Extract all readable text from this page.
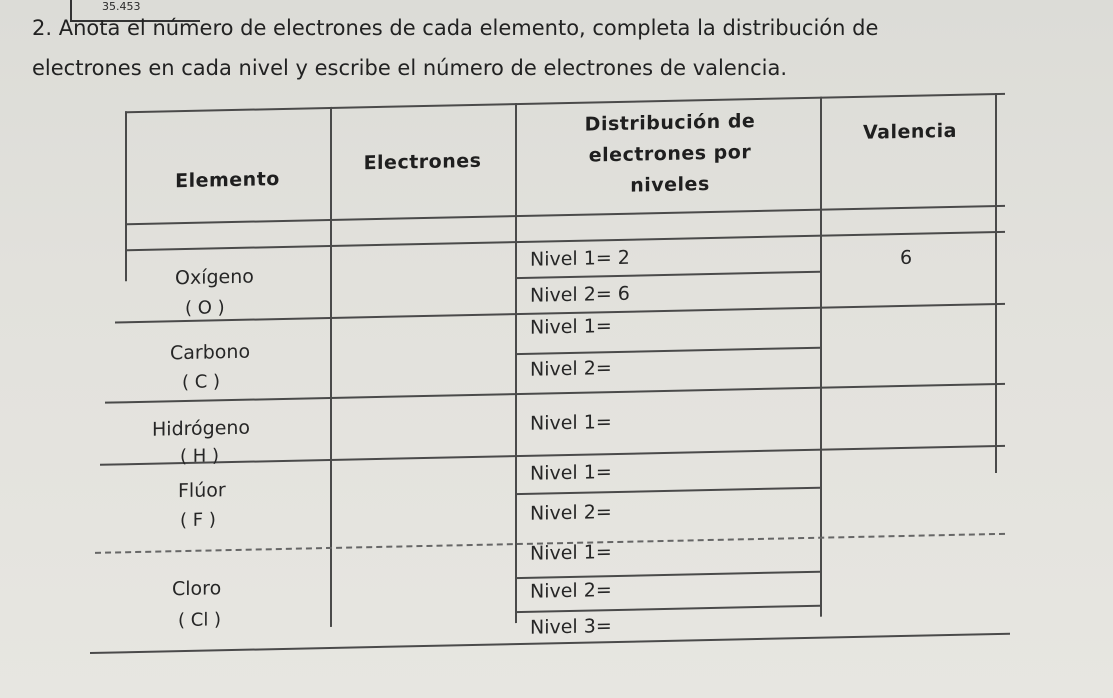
35.453
2. Anota el número de electrones de cada elemento, completa la distribución de
electrones en cada nivel y escribe el número de electrones de valencia.
Elemento
Electrones
Distribución de electrones por niveles
Valencia
Oxígeno
( O )
Nivel 1= 2
Nivel 2= 6
6
Carbono
( C )
Nivel 1=
Nivel 2=
Hidrógeno
( H )
Nivel 1=
Flúor
( F )
Nivel 1=
Nivel 2=
Cloro
( Cl )
Nivel 1=
Nivel 2=
Nivel 3=
